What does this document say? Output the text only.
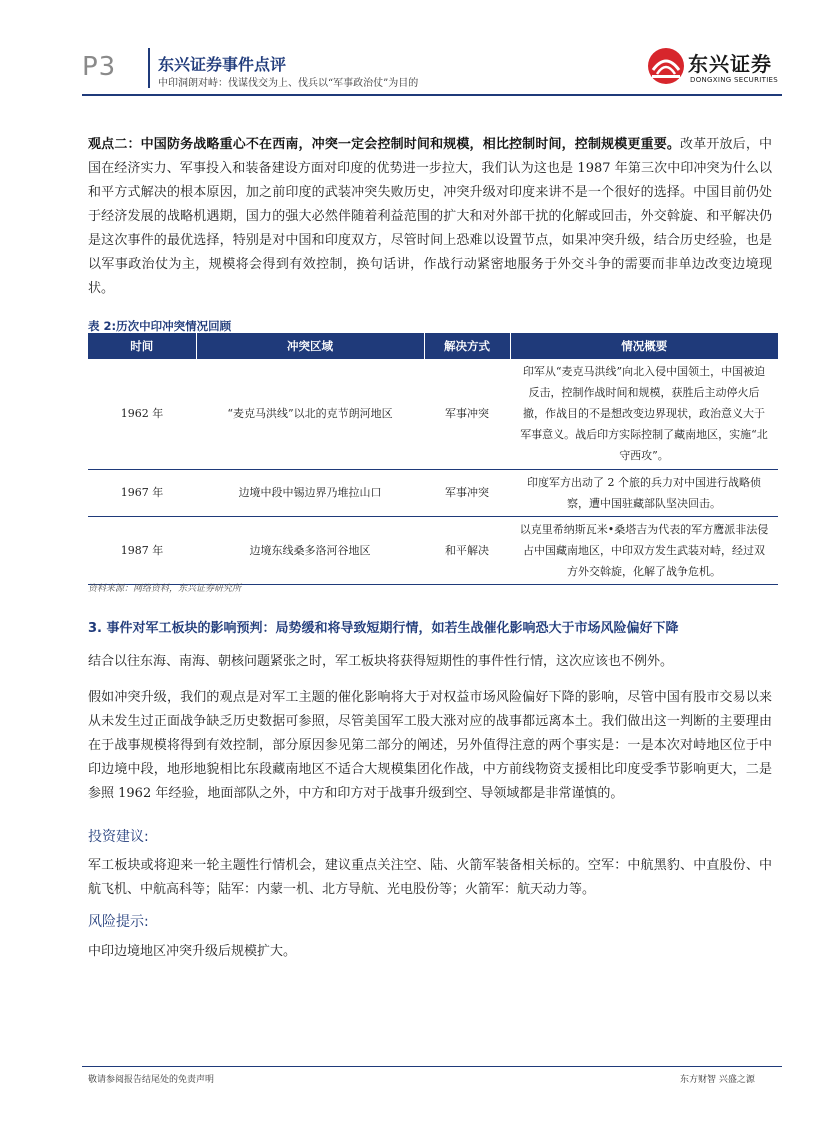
P3	东兴证券事件点评
中印洞朗对峙：伐谋伐交为上、伐兵以“军事政治仗”为目的
东兴证券
DONGXING SECURITIES
观点二：中国防务战略重心不在西南，冲突一定会控制时间和规模，相比控制时间，控制规模更重要。改革开放后，中国在经济实力、军事投入和装备建设方面对印度的优势进一步拉大，我们认为这也是 1987 年第三次中印冲突为什么以和平方式解决的根本原因，加之前印度的武装冲突失败历史，冲突升级对印度来讲不是一个很好的选择。中国目前仍处于经济发展的战略机遇期，国力的强大必然伴随着利益范围的扩大和对外部干扰的化解或回击，外交斡旋、和平解决仍是这次事件的最优选择，特别是对中国和印度双方，尽管时间上恐难以设置节点，如果冲突升级，结合历史经验，也是以军事政治仗为主，规模将会得到有效控制，换句话讲，作战行动紧密地服务于外交斗争的需要而非单边改变边境现状。
表 2:历次中印冲突情况回顾
时间	冲突区域	解决方式	情况概要
1962 年	“麦克马洪线”以北的克节朗河地区	军事冲突	印军从“麦克马洪线”向北入侵中国领土，中国被迫反击，控制作战时间和规模，获胜后主动停火后撤，作战目的不是想改变边界现状，政治意义大于军事意义。战后印方实际控制了藏南地区，实施“北守西攻”。
1967 年	边境中段中锡边界乃堆拉山口	军事冲突	印度军方出动了 2 个旅的兵力对中国进行战略侦察，遭中国驻藏部队坚决回击。
1987 年	边境东线桑多洛河谷地区	和平解决	以克里希纳斯瓦米•桑塔吉为代表的军方鹰派非法侵占中国藏南地区，中印双方发生武装对峙，经过双方外交斡旋，化解了战争危机。
资料来源：网络资料，东兴证券研究所
3. 事件对军工板块的影响预判：局势缓和将导致短期行情，如若生战催化影响恐大于市场风险偏好下降
结合以往东海、南海、朝核问题紧张之时，军工板块将获得短期性的事件性行情，这次应该也不例外。
假如冲突升级，我们的观点是对军工主题的催化影响将大于对权益市场风险偏好下降的影响，尽管中国有股市交易以来从未发生过正面战争缺乏历史数据可参照，尽管美国军工股大涨对应的战事都远离本土。我们做出这一判断的主要理由在于战事规模将得到有效控制，部分原因参见第二部分的阐述，另外值得注意的两个事实是：一是本次对峙地区位于中印边境中段，地形地貌相比东段藏南地区不适合大规模集团化作战，中方前线物资支援相比印度受季节影响更大，二是参照 1962 年经验，地面部队之外，中方和印方对于战事升级到空、导领域都是非常谨慎的。
投资建议:
军工板块或将迎来一轮主题性行情机会，建议重点关注空、陆、火箭军装备相关标的。空军：中航黑豹、中直股份、中航飞机、中航高科等；陆军：内蒙一机、北方导航、光电股份等；火箭军：航天动力等。
风险提示:
中印边境地区冲突升级后规模扩大。
敬请参阅报告结尾处的免责声明	东方财智 兴盛之源
